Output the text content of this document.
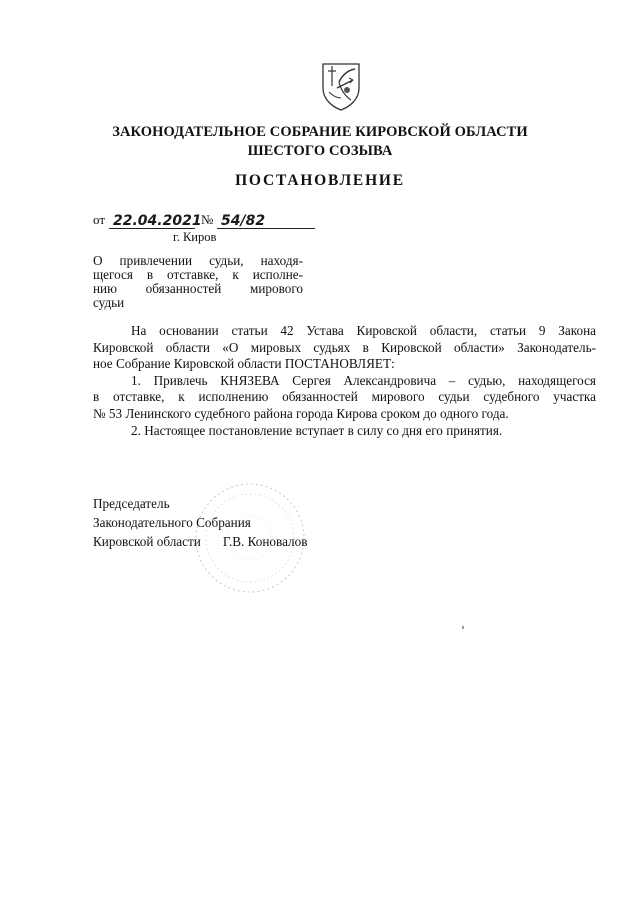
ЗАКОНОДАТЕЛЬНОЕ СОБРАНИЕ КИРОВСКОЙ ОБЛАСТИ
ШЕСТОГО СОЗЫВА
ПОСТАНОВЛЕНИЕ
от 22.04.2021 № 54/82
г. Киров
О привлечении судьи, находя-
щегося в отставке, к исполне-
нию обязанностей мирового
судьи
На основании статьи 42 Устава Кировской области, статьи 9 Закона
Кировской области «О мировых судьях в Кировской области» Законодатель-
ное Собрание Кировской области ПОСТАНОВЛЯЕТ:
1. Привлечь КНЯЗЕВА Сергея Александровича – судью, находящегося
в отставке, к исполнению обязанностей мирового судьи судебного участка
№ 53 Ленинского судебного района города Кирова сроком до одного года.
2. Настоящее постановление вступает в силу со дня его принятия.
Председатель
Законодательного Собрания
Кировской области Г.В. Коновалов
